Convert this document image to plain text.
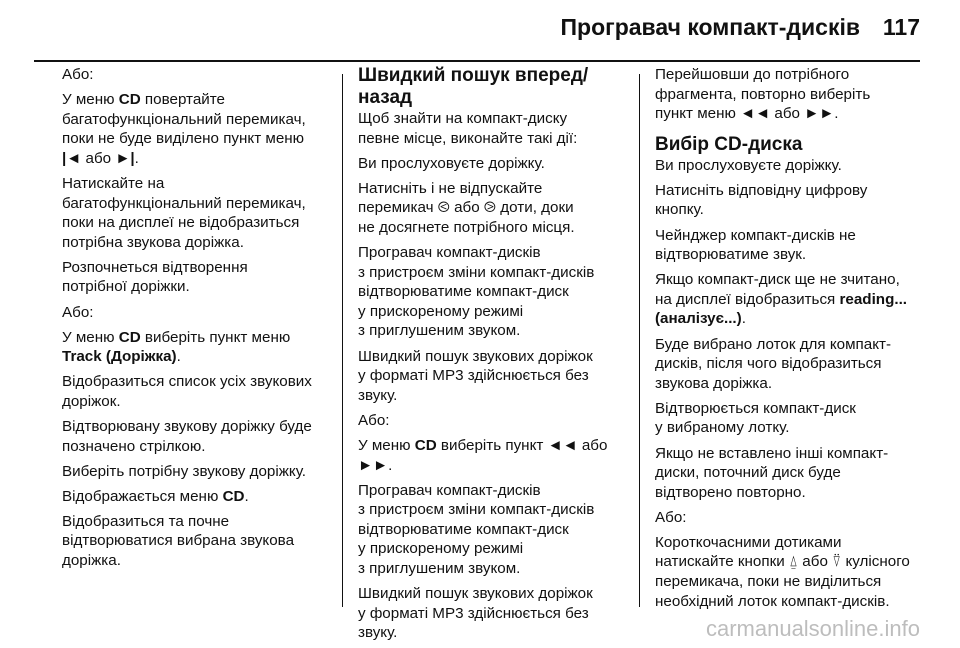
Програвач компакт-дисків 117

Або:

У меню CD повертайте
багатофункціональний перемикач,
поки не буде виділено пункт меню
|◄ або ►|.

Натискайте на
багатофункціональний перемикач,
поки на дисплеї не відобразиться
потрібна звукова доріжка.

Розпочнеться відтворення
потрібної доріжки.

Або:

У меню CD виберіть пункт меню
Track (Доріжка).

Відобразиться список усіх звукових
доріжок.

Відтворювану звукову доріжку буде
позначено стрілкою.

Виберіть потрібну звукову доріжку.

Відображається меню CD.

Відобразиться та почне
відтворюватися вибрана звукова
доріжка.

Швидкий пошук вперед/назад

Щоб знайти на компакт-диску
певне місце, виконайте такі дії:

Ви прослуховуєте доріжку.

Натисніть і не відпускайте
перемикач ⧀ або ⧁ доти, доки
не досягнете потрібного місця.

Програвач компакт-дисків
з пристроєм зміни компакт-дисків
відтворюватиме компакт-диск
у прискореному режимі
з приглушеним звуком.

Швидкий пошук звукових доріжок
у форматі MP3 здійснюється без
звуку.

Або:

У меню CD виберіть пункт ◄◄ або
►►.

Програвач компакт-дисків
з пристроєм зміни компакт-дисків
відтворюватиме компакт-диск
у прискореному режимі
з приглушеним звуком.

Швидкий пошук звукових доріжок
у форматі MP3 здійснюється без
звуку.

Перейшовши до потрібного
фрагмента, повторно виберіть
пункт меню ◄◄ або ►►.

Вибір CD-диска

Ви прослуховуєте доріжку.

Натисніть відповідну цифрову
кнопку.

Чейнджер компакт-дисків не
відтворюватиме звук.

Якщо компакт-диск ще не зчитано,
на дисплеї відобразиться reading...
(аналізує...).

Буде вибрано лоток для компакт-
дисків, після чого відобразиться
звукова доріжка.

Відтворюється компакт-диск
у вибраному лотку.

Якщо не вставлено інші компакт-
диски, поточний диск буде
відтворено повторно.

Або:

Короткочасними дотиками
натискайте кнопки ⍙ або ⍢ кулісного
перемикача, поки не виділиться
необхідний лоток компакт-дисків.

carmanualsonline.info
